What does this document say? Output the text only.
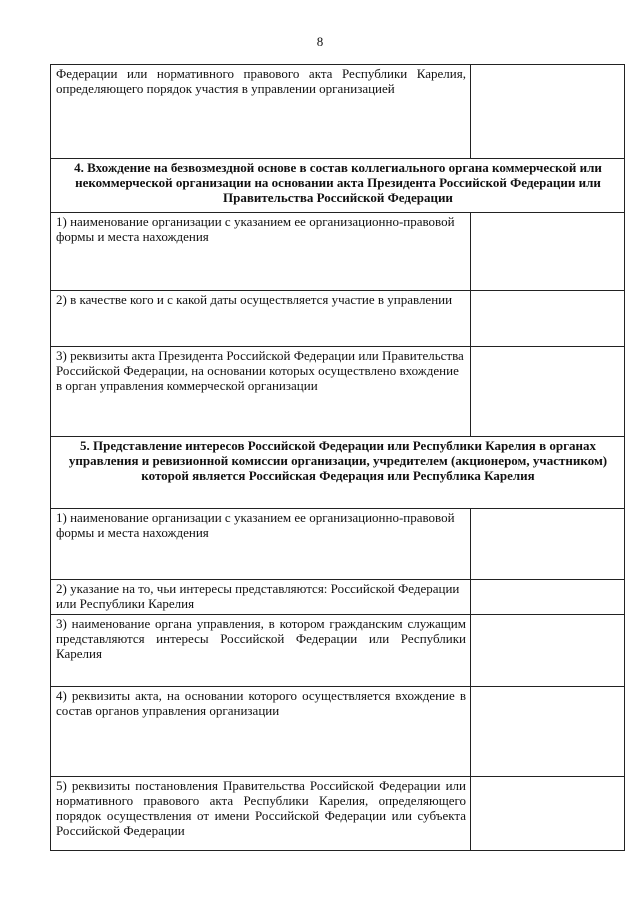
8
Федерации или нормативного правового акта Республики Карелия, определяющего порядок участия в управлении организацией	
4. Вхождение на безвозмездной основе в состав коллегиального органа коммерческой или некоммерческой организации на основании акта Президента Российской Федерации или Правительства Российской Федерации	
1) наименование организации с указанием ее организационно-правовой формы и места нахождения	
2) в качестве кого и с какой даты осуществляется участие в управлении	
3) реквизиты акта Президента Российской Федерации или Правительства Российской Федерации, на основании которых осуществлено вхождение в орган управления коммерческой организации	
5. Представление интересов Российской Федерации или Республики Карелия в органах управления и ревизионной комиссии организации, учредителем (акционером, участником) которой является Российская Федерация или Республика Карелия	
1) наименование организации с указанием ее организационно-правовой формы и места нахождения	
2) указание на то, чьи интересы представляются: Российской Федерации или Республики Карелия	
3) наименование органа управления, в котором гражданским служащим представляются интересы Российской Федерации или Республики Карелия	
4) реквизиты акта, на основании которого осуществляется вхождение в состав органов управления организации	
5) реквизиты постановления Правительства Российской Федерации или нормативного правового акта Республики Карелия, определяющего порядок осуществления от имени Российской Федерации или субъекта Российской Федерации	
